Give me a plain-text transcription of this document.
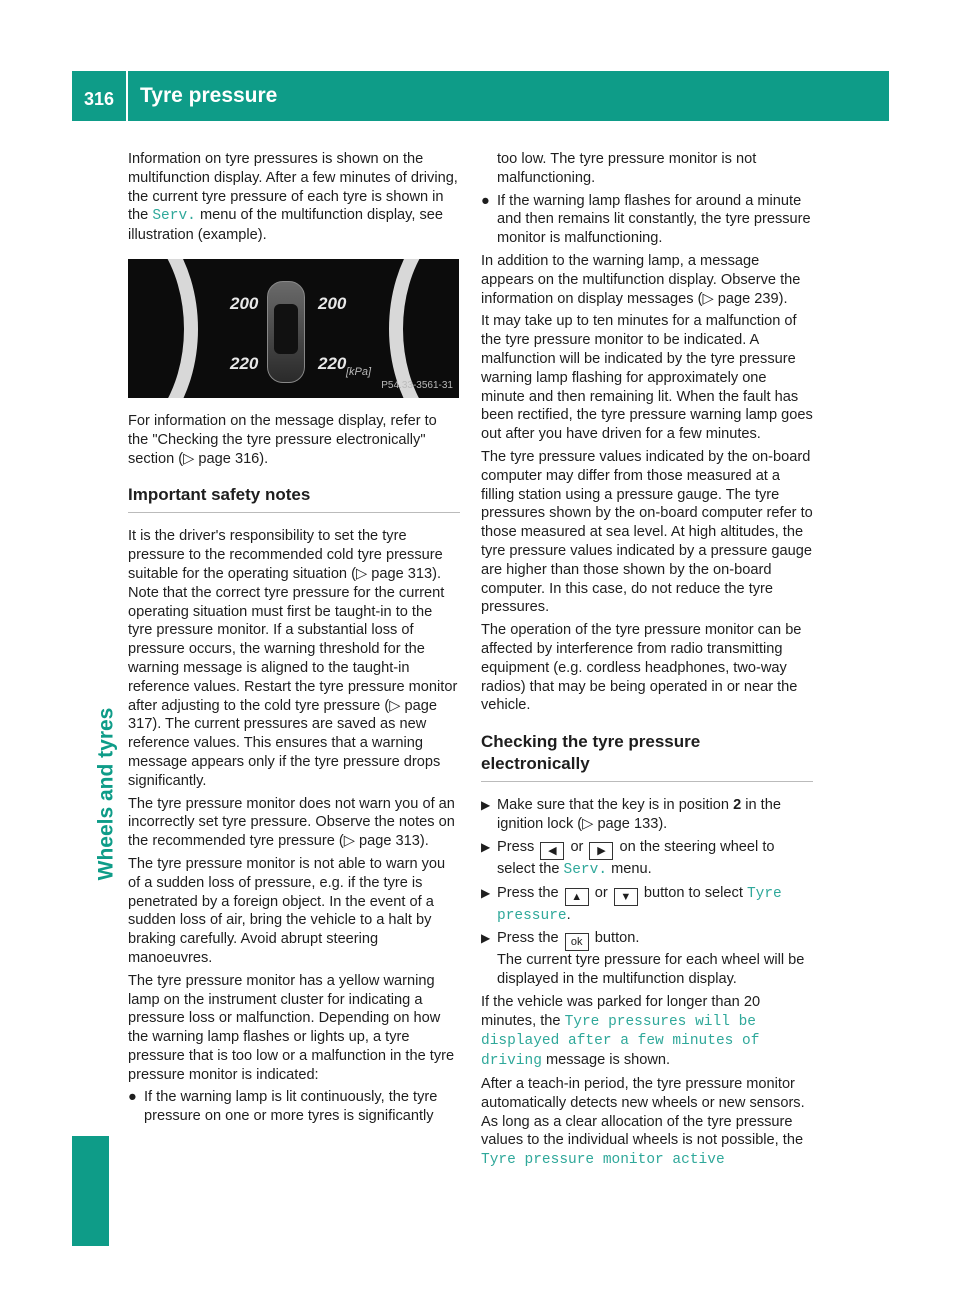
316	Tyre pressure
Wheels and tyres

Information on tyre pressures is shown on the multifunction display. After a few minutes of driving, the current tyre pressure of each tyre is shown in the Serv. menu of the multifunction display, see illustration (example).

200	200
220	220 [kPa]
P54.33-3561-31

For information on the message display, refer to the "Checking the tyre pressure electronically" section (▷ page 316).

Important safety notes

It is the driver's responsibility to set the tyre pressure to the recommended cold tyre pressure suitable for the operating situation (▷ page 313). Note that the correct tyre pressure for the current operating situation must first be taught-in to the tyre pressure monitor. If a substantial loss of pressure occurs, the warning threshold for the warning message is aligned to the taught-in reference values. Restart the tyre pressure monitor after adjusting to the cold tyre pressure (▷ page 317). The current pressures are saved as new reference values. This ensures that a warning message appears only if the tyre pressure drops significantly.

The tyre pressure monitor does not warn you of an incorrectly set tyre pressure. Observe the notes on the recommended tyre pressure (▷ page 313).

The tyre pressure monitor is not able to warn you of a sudden loss of pressure, e.g. if the tyre is penetrated by a foreign object. In the event of a sudden loss of air, bring the vehicle to a halt by braking carefully. Avoid abrupt steering manoeuvres.

The tyre pressure monitor has a yellow warning lamp on the instrument cluster for indicating a pressure loss or malfunction. Depending on how the warning lamp flashes or lights up, a tyre pressure that is too low or a malfunction in the tyre pressure monitor is indicated:

● If the warning lamp is lit continuously, the tyre pressure on one or more tyres is significantly

too low. The tyre pressure monitor is not malfunctioning.

● If the warning lamp flashes for around a minute and then remains lit constantly, the tyre pressure monitor is malfunctioning.

In addition to the warning lamp, a message appears on the multifunction display. Observe the information on display messages (▷ page 239).

It may take up to ten minutes for a malfunction of the tyre pressure monitor to be indicated. A malfunction will be indicated by the tyre pressure warning lamp flashing for approximately one minute and then remaining lit. When the fault has been rectified, the tyre pressure warning lamp goes out after you have driven for a few minutes.

The tyre pressure values indicated by the on-board computer may differ from those measured at a filling station using a pressure gauge. The tyre pressures shown by the on-board computer refer to those measured at sea level. At high altitudes, the tyre pressure values indicated by a pressure gauge are higher than those shown by the on-board computer. In this case, do not reduce the tyre pressures.

The operation of the tyre pressure monitor can be affected by interference from radio transmitting equipment (e.g. cordless headphones, two-way radios) that may be being operated in or near the vehicle.

Checking the tyre pressure electronically
▶ Make sure that the key is in position 2 in the ignition lock (▷ page 133).
▶ Press ◀ or ▶ on the steering wheel to select the Serv. menu.
▶ Press the ▲ or ▼ button to select Tyre pressure.
▶ Press the ok button.
The current tyre pressure for each wheel will be displayed in the multifunction display.

If the vehicle was parked for longer than 20 minutes, the Tyre pressures will be displayed after a few minutes of driving message is shown.

After a teach-in period, the tyre pressure monitor automatically detects new wheels or new sensors. As long as a clear allocation of the tyre pressure values to the individual wheels is not possible, the Tyre pressure monitor active
